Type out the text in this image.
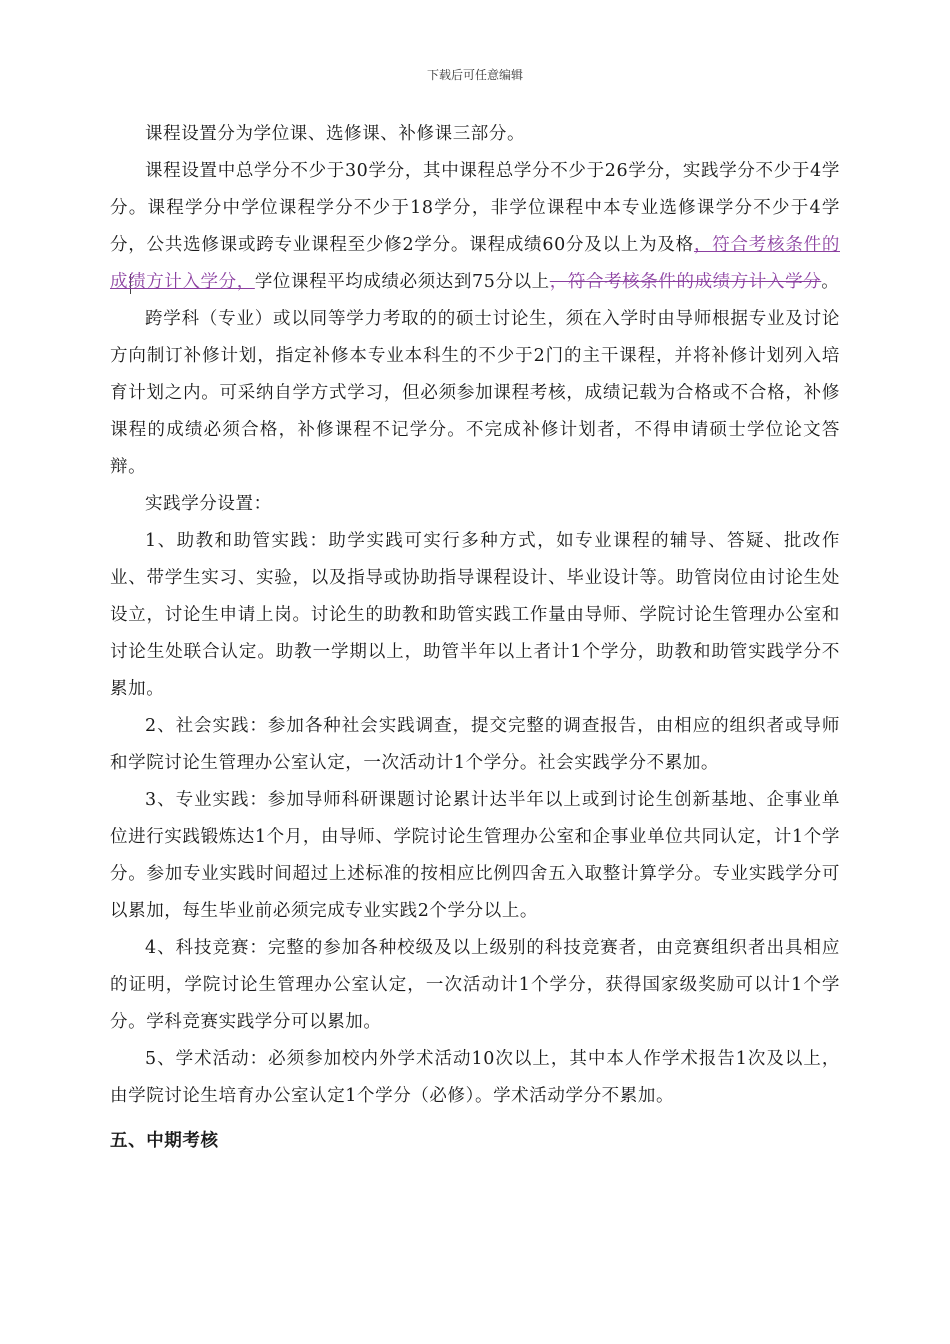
下载后可任意编辑

课程设置分为学位课、选修课、补修课三部分。

课程设置中总学分不少于30学分，其中课程总学分不少于26学分，实践学分不少于4学分。课程学分中学位课程学分不少于18学分，非学位课程中本专业选修课学分不少于4学分，公共选修课或跨专业课程至少修2学分。课程成绩60分及以上为及格，符合考核条件的成绩方计入学分，学位课程平均成绩必须达到75分以上，符合考核条件的成绩方计入学分。

跨学科（专业）或以同等学力考取的的硕士讨论生，须在入学时由导师根据专业及讨论方向制订补修计划，指定补修本专业本科生的不少于2门的主干课程，并将补修计划列入培育计划之内。可采纳自学方式学习，但必须参加课程考核，成绩记载为合格或不合格，补修课程的成绩必须合格，补修课程不记学分。不完成补修计划者，不得申请硕士学位论文答辩。

实践学分设置：

1、助教和助管实践：助学实践可实行多种方式，如专业课程的辅导、答疑、批改作业、带学生实习、实验，以及指导或协助指导课程设计、毕业设计等。助管岗位由讨论生处设立，讨论生申请上岗。讨论生的助教和助管实践工作量由导师、学院讨论生管理办公室和讨论生处联合认定。助教一学期以上，助管半年以上者计1个学分，助教和助管实践学分不累加。

2、社会实践：参加各种社会实践调查，提交完整的调查报告，由相应的组织者或导师和学院讨论生管理办公室认定，一次活动计1个学分。社会实践学分不累加。

3、专业实践：参加导师科研课题讨论累计达半年以上或到讨论生创新基地、企事业单位进行实践锻炼达1个月，由导师、学院讨论生管理办公室和企事业单位共同认定，计1个学分。参加专业实践时间超过上述标准的按相应比例四舍五入取整计算学分。专业实践学分可以累加，每生毕业前必须完成专业实践2个学分以上。

4、科技竞赛：完整的参加各种校级及以上级别的科技竞赛者，由竞赛组织者出具相应的证明，学院讨论生管理办公室认定，一次活动计1个学分，获得国家级奖励可以计1个学分。学科竞赛实践学分可以累加。

5、学术活动：必须参加校内外学术活动10次以上，其中本人作学术报告1次及以上，由学院讨论生培育办公室认定1个学分（必修）。学术活动学分不累加。

五、中期考核
